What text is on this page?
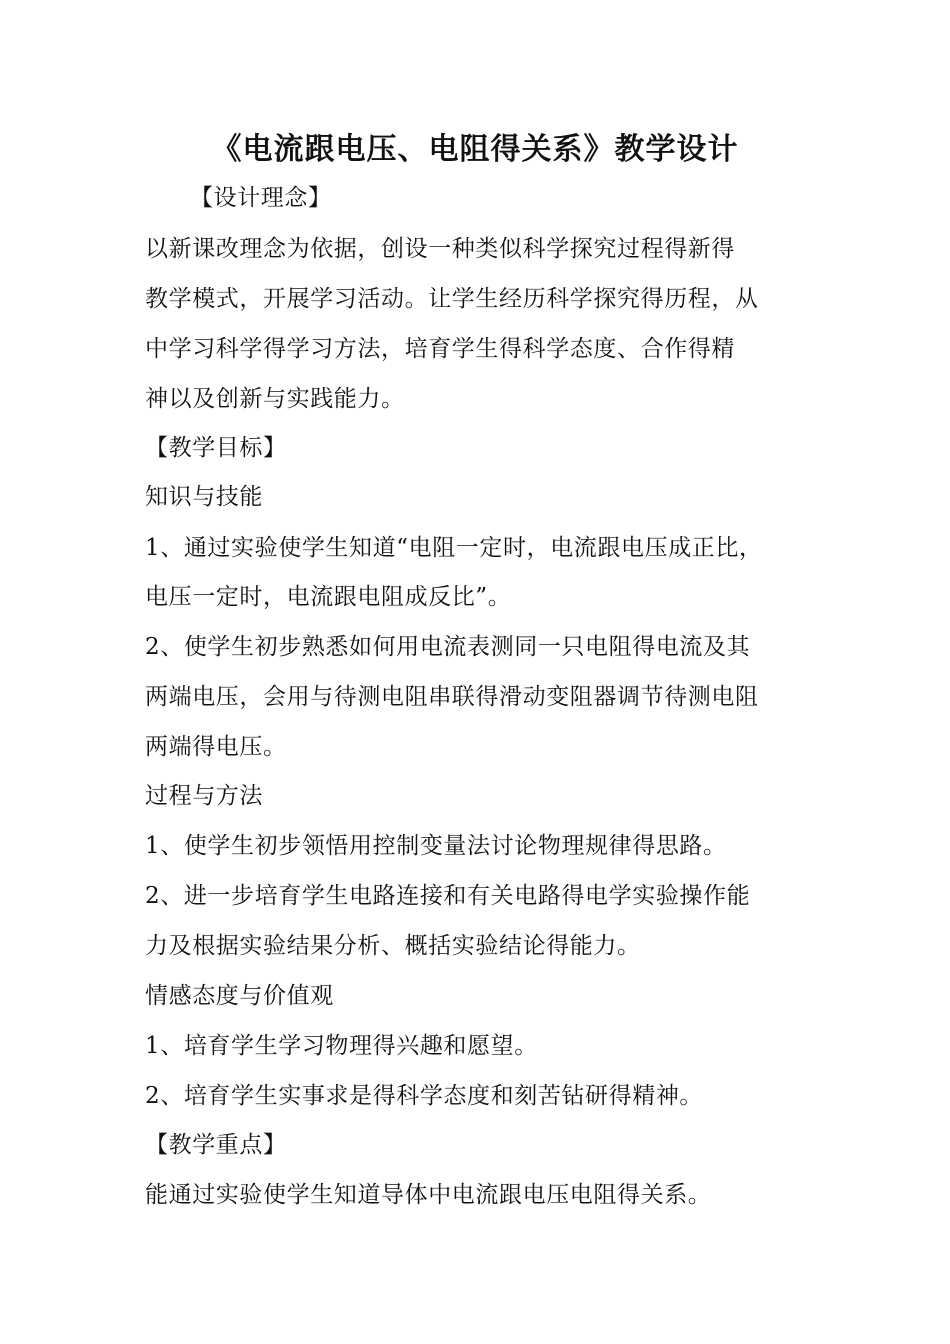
《电流跟电压、电阻得关系》教学设计
【设计理念】
以新课改理念为依据，创设一种类似科学探究过程得新得
教学模式，开展学习活动。让学生经历科学探究得历程，从
中学习科学得学习方法，培育学生得科学态度、合作得精
神以及创新与实践能力。
【教学目标】
知识与技能
1、通过实验使学生知道“电阻一定时，电流跟电压成正比，
电压一定时，电流跟电阻成反比”。
2、使学生初步熟悉如何用电流表测同一只电阻得电流及其
两端电压，会用与待测电阻串联得滑动变阻器调节待测电阻
两端得电压。
过程与方法
1、使学生初步领悟用控制变量法讨论物理规律得思路。
2、进一步培育学生电路连接和有关电路得电学实验操作能
力及根据实验结果分析、概括实验结论得能力。
情感态度与价值观
1、培育学生学习物理得兴趣和愿望。
2、培育学生实事求是得科学态度和刻苦钻研得精神。
【教学重点】
能通过实验使学生知道导体中电流跟电压电阻得关系。
